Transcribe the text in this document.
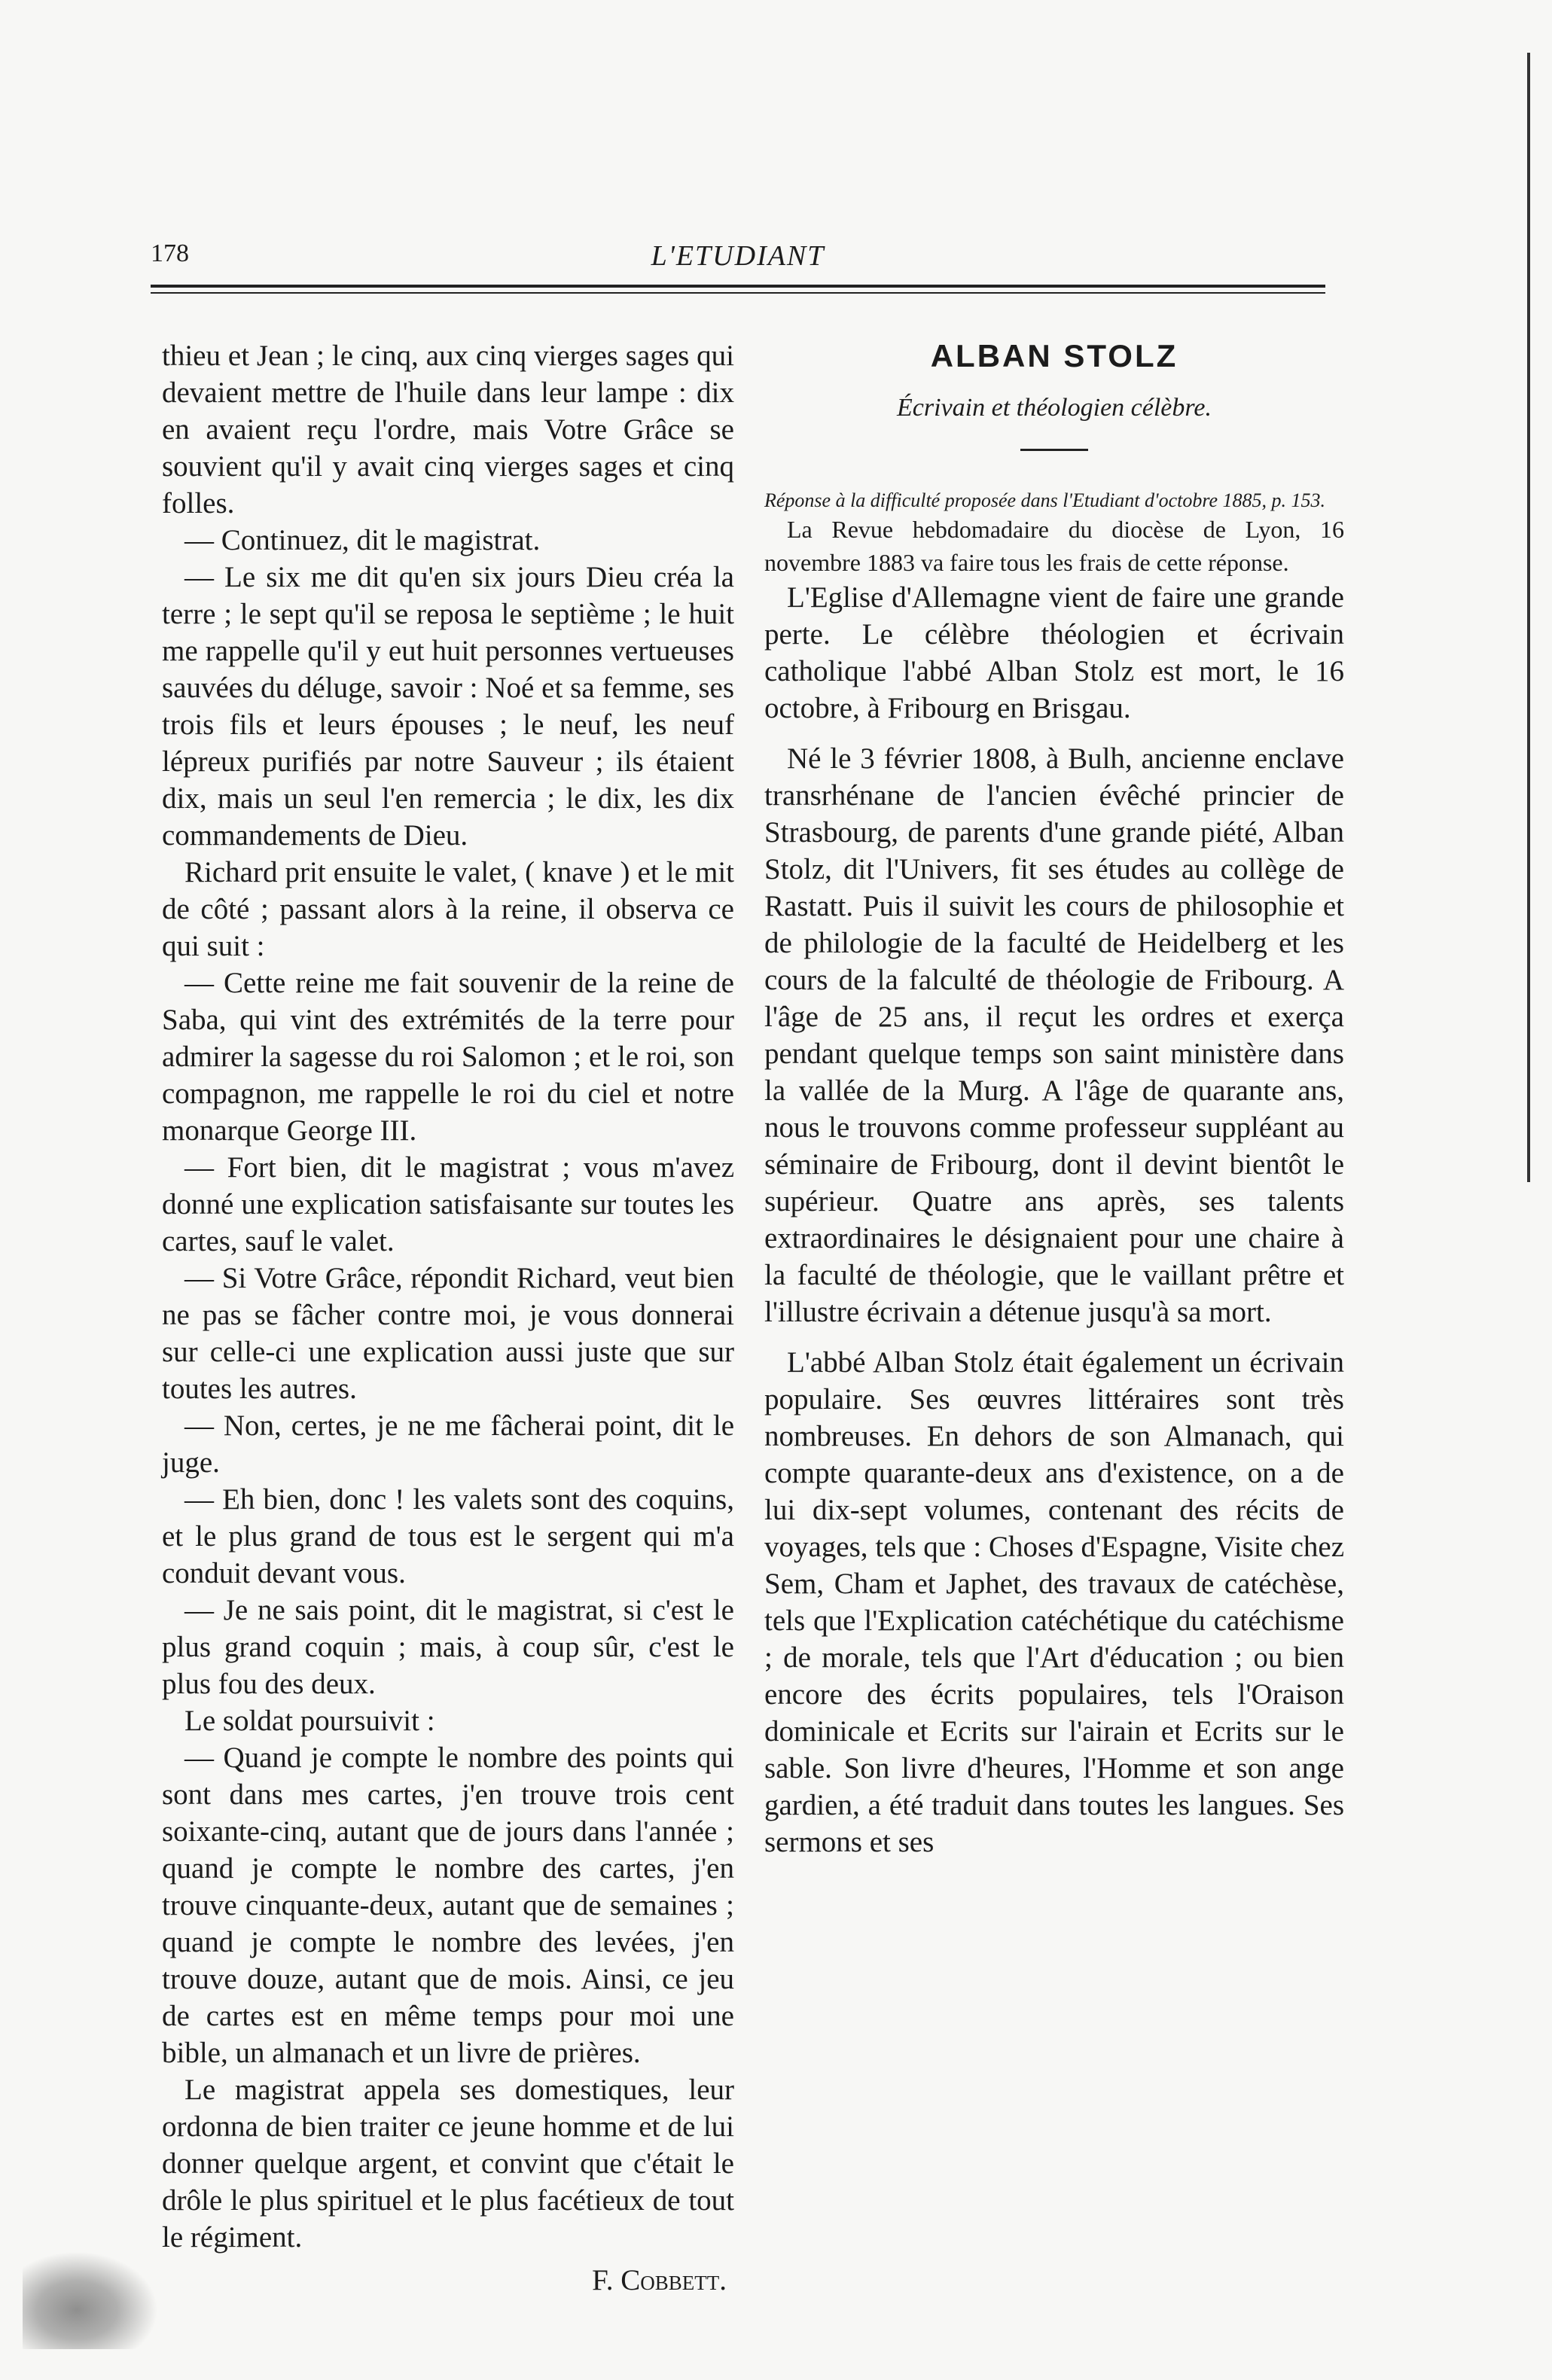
178	L'ETUDIANT

thieu et Jean ; le cinq, aux cinq vierges sages qui devaient mettre de l'huile dans leur lampe : dix en avaient reçu l'ordre, mais Votre Grâce se souvient qu'il y avait cinq vierges sages et cinq folles.

— Continuez, dit le magistrat.

— Le six me dit qu'en six jours Dieu créa la terre ; le sept qu'il se reposa le septième ; le huit me rappelle qu'il y eut huit personnes vertueuses sauvées du déluge, savoir : Noé et sa femme, ses trois fils et leurs épouses ; le neuf, les neuf lépreux purifiés par notre Sauveur ; ils étaient dix, mais un seul l'en remercia ; le dix, les dix commandements de Dieu.

Richard prit ensuite le valet, ( knave ) et le mit de côté ; passant alors à la reine, il observa ce qui suit :

— Cette reine me fait souvenir de la reine de Saba, qui vint des extrémités de la terre pour admirer la sagesse du roi Salomon ; et le roi, son compagnon, me rappelle le roi du ciel et notre monarque George III.

— Fort bien, dit le magistrat ; vous m'avez donné une explication satisfaisante sur toutes les cartes, sauf le valet.

— Si Votre Grâce, répondit Richard, veut bien ne pas se fâcher contre moi, je vous donnerai sur celle-ci une explication aussi juste que sur toutes les autres.

— Non, certes, je ne me fâcherai point, dit le juge.

— Eh bien, donc ! les valets sont des coquins, et le plus grand de tous est le sergent qui m'a conduit devant vous.

— Je ne sais point, dit le magistrat, si c'est le plus grand coquin ; mais, à coup sûr, c'est le plus fou des deux.

Le soldat poursuivit :

— Quand je compte le nombre des points qui sont dans mes cartes, j'en trouve trois cent soixante-cinq, autant que de jours dans l'année ; quand je compte le nombre des cartes, j'en trouve cinquante-deux, autant que de semaines ; quand je compte le nombre des levées, j'en trouve douze, autant que de mois. Ainsi, ce jeu de cartes est en même temps pour moi une bible, un almanach et un livre de prières.

Le magistrat appela ses domestiques, leur ordonna de bien traiter ce jeune homme et de lui donner quelque argent, et convint que c'était le drôle le plus spirituel et le plus facétieux de tout le régiment.

F. Cobbett.
ALBAN STOLZ
Écrivain et théologien célèbre.

Réponse à la difficulté proposée dans l'Etudiant d'octobre 1885, p. 153.

La Revue hebdomadaire du diocèse de Lyon, 16 novembre 1883 va faire tous les frais de cette réponse.

L'Eglise d'Allemagne vient de faire une grande perte. Le célèbre théologien et écrivain catholique l'abbé Alban Stolz est mort, le 16 octobre, à Fribourg en Brisgau.

Né le 3 février 1808, à Bulh, ancienne enclave transrhénane de l'ancien évêché princier de Strasbourg, de parents d'une grande piété, Alban Stolz, dit l'Univers, fit ses études au collège de Rastatt. Puis il suivit les cours de philosophie et de philologie de la faculté de Heidelberg et les cours de la falculté de théologie de Fribourg. A l'âge de 25 ans, il reçut les ordres et exerça pendant quelque temps son saint ministère dans la vallée de la Murg. A l'âge de quarante ans, nous le trouvons comme professeur suppléant au séminaire de Fribourg, dont il devint bientôt le supérieur. Quatre ans après, ses talents extraordinaires le désignaient pour une chaire à la faculté de théologie, que le vaillant prêtre et l'illustre écrivain a détenue jusqu'à sa mort.

L'abbé Alban Stolz était également un écrivain populaire. Ses œuvres littéraires sont très nombreuses. En dehors de son Almanach, qui compte quarante-deux ans d'existence, on a de lui dix-sept volumes, contenant des récits de voyages, tels que : Choses d'Espagne, Visite chez Sem, Cham et Japhet, des travaux de catéchèse, tels que l'Explication catéchétique du catéchisme ; de morale, tels que l'Art d'éducation ; ou bien encore des écrits populaires, tels l'Oraison dominicale et Ecrits sur l'airain et Ecrits sur le sable. Son livre d'heures, l'Homme et son ange gardien, a été traduit dans toutes les langues. Ses sermons et ses
